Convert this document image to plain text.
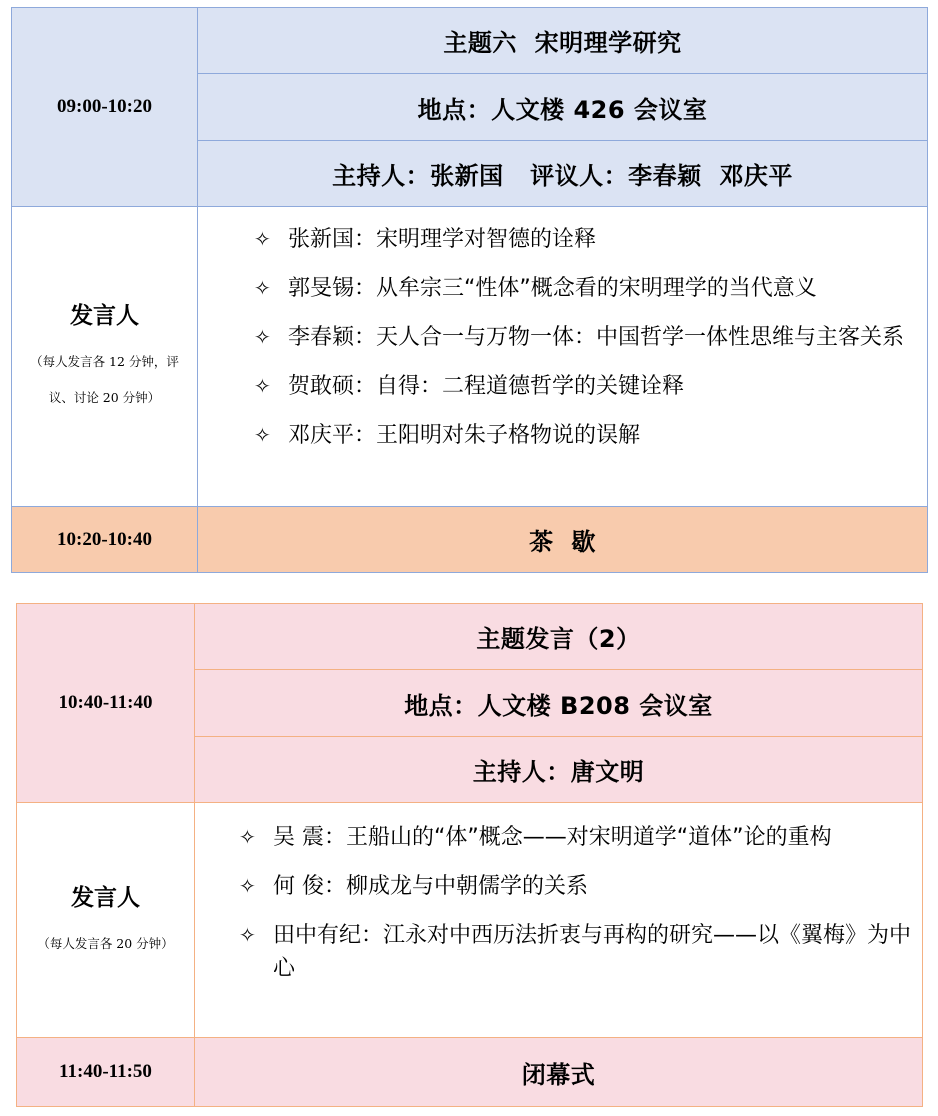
09:00-10:20
主题六  宋明理学研究
地点：人文楼 426 会议室
主持人：张新国   评议人：李春颖  邓庆平
发言人
（每人发言各 12 分钟，评议、讨论 20 分钟）
✧ 张新国：宋明理学对智德的诠释
✧ 郭旻锡：从牟宗三“性体”概念看的宋明理学的当代意义
✧ 李春颖：天人合一与万物一体：中国哲学一体性思维与主客关系
✧ 贺敢硕：自得：二程道德哲学的关键诠释
✧ 邓庆平：王阳明对朱子格物说的误解
10:20-10:40	茶  歇
10:40-11:40
主题发言（2）
地点：人文楼 B208 会议室
主持人：唐文明
发言人
（每人发言各 20 分钟）
✧ 吴 震：王船山的“体”概念——对宋明道学“道体”论的重构
✧ 何 俊：柳成龙与中朝儒学的关系
✧ 田中有纪：江永对中西历法折衷与再构的研究——以《翼梅》为中心
11:40-11:50	闭幕式
